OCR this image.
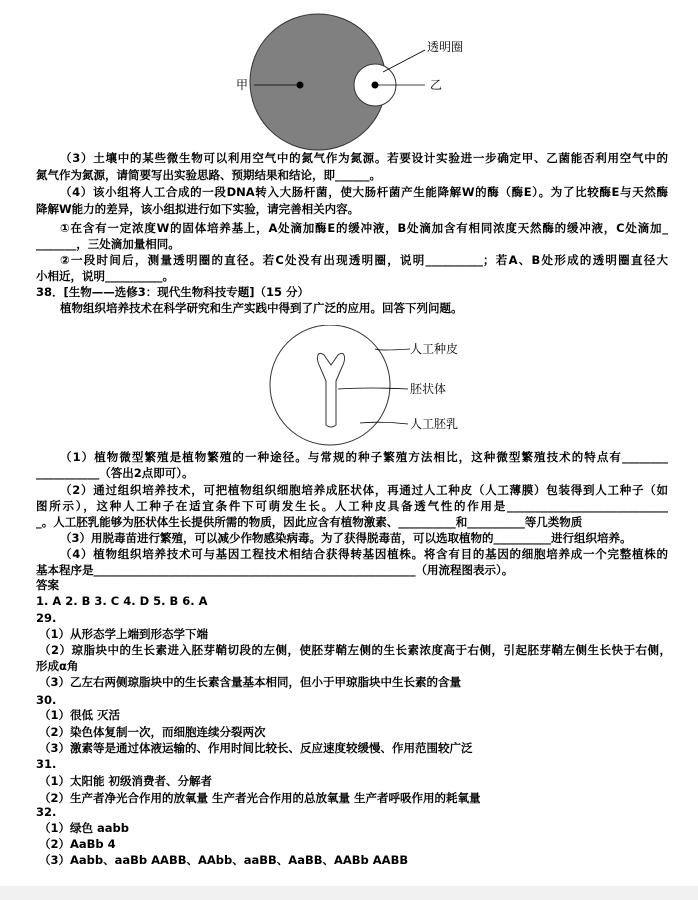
甲	乙
透明圈
人工种皮
胚状体
人工胚乳
（3）土壤中的某些微生物可以利用空气中的氮气作为氮源。若要设计实验进一步确定甲、乙菌能否利用空气中的
氮气作为氮源，请简要写出实验思路、预期结果和结论，即______。
（4）该小组将人工合成的一段DNA转入大肠杆菌，使大肠杆菌产生能降解W的酶（酶E）。为了比较酶E与天然酶
降解W能力的差异，该小组拟进行如下实验，请完善相关内容。
①在含有一定浓度W的固体培养基上，A处滴加酶E的缓冲液，B处滴加含有相同浓度天然酶的缓冲液，C处滴加_
_______，三处滴加量相同。
②一段时间后，测量透明圈的直径。若C处没有出现透明圈，说明__________；若A、B处形成的透明圈直径大
小相近，说明__________。
38．[生物——选修3：现代生物科技专题]（15 分）
植物组织培养技术在科学研究和生产实践中得到了广泛的应用。回答下列问题。
（1）植物微型繁殖是植物繁殖的一种途径。与常规的种子繁殖方法相比，这种微型繁殖技术的特点有________
___________（答出2点即可）。
（2）通过组织培养技术，可把植物组织细胞培养成胚状体，再通过人工种皮（人工薄膜）包装得到人工种子（如
图所示），这种人工种子在适宜条件下可萌发生长。人工种皮具备透气性的作用是____________________________
_。人工胚乳能够为胚状体生长提供所需的物质，因此应含有植物激素、__________和__________等几类物质
（3）用脱毒苗进行繁殖，可以减少作物感染病毒。为了获得脱毒苗，可以选取植物的__________进行组织培养。
（4）植物组织培养技术可与基因工程技术相结合获得转基因植株。将含有目的基因的细胞培养成一个完整植株的
基本程序是________________________________________________________（用流程图表示）。
答案
1. A 2. B 3. C 4. D 5. B 6. A
29.
（1）从形态学上端到形态学下端
（2）琼脂块中的生长素进入胚芽鞘切段的左侧，使胚芽鞘左侧的生长素浓度高于右侧，引起胚芽鞘左侧生长快于右侧，
形成α角
（3）乙左右两侧琼脂块中的生长素含量基本相同，但小于甲琼脂块中生长素的含量
30.
（1）很低 灭活
（2）染色体复制一次，而细胞连续分裂两次
（3）激素等是通过体液运输的、作用时间比较长、反应速度较缓慢、作用范围较广泛
31.
（1）太阳能 初级消费者、分解者
（2）生产者净光合作用的放氧量 生产者光合作用的总放氧量 生产者呼吸作用的耗氧量
32.
（1）绿色 aabb
（2）AaBb 4
（3）Aabb、aaBb AABB、AAbb、aaBB、AaBB、AABb AABB
